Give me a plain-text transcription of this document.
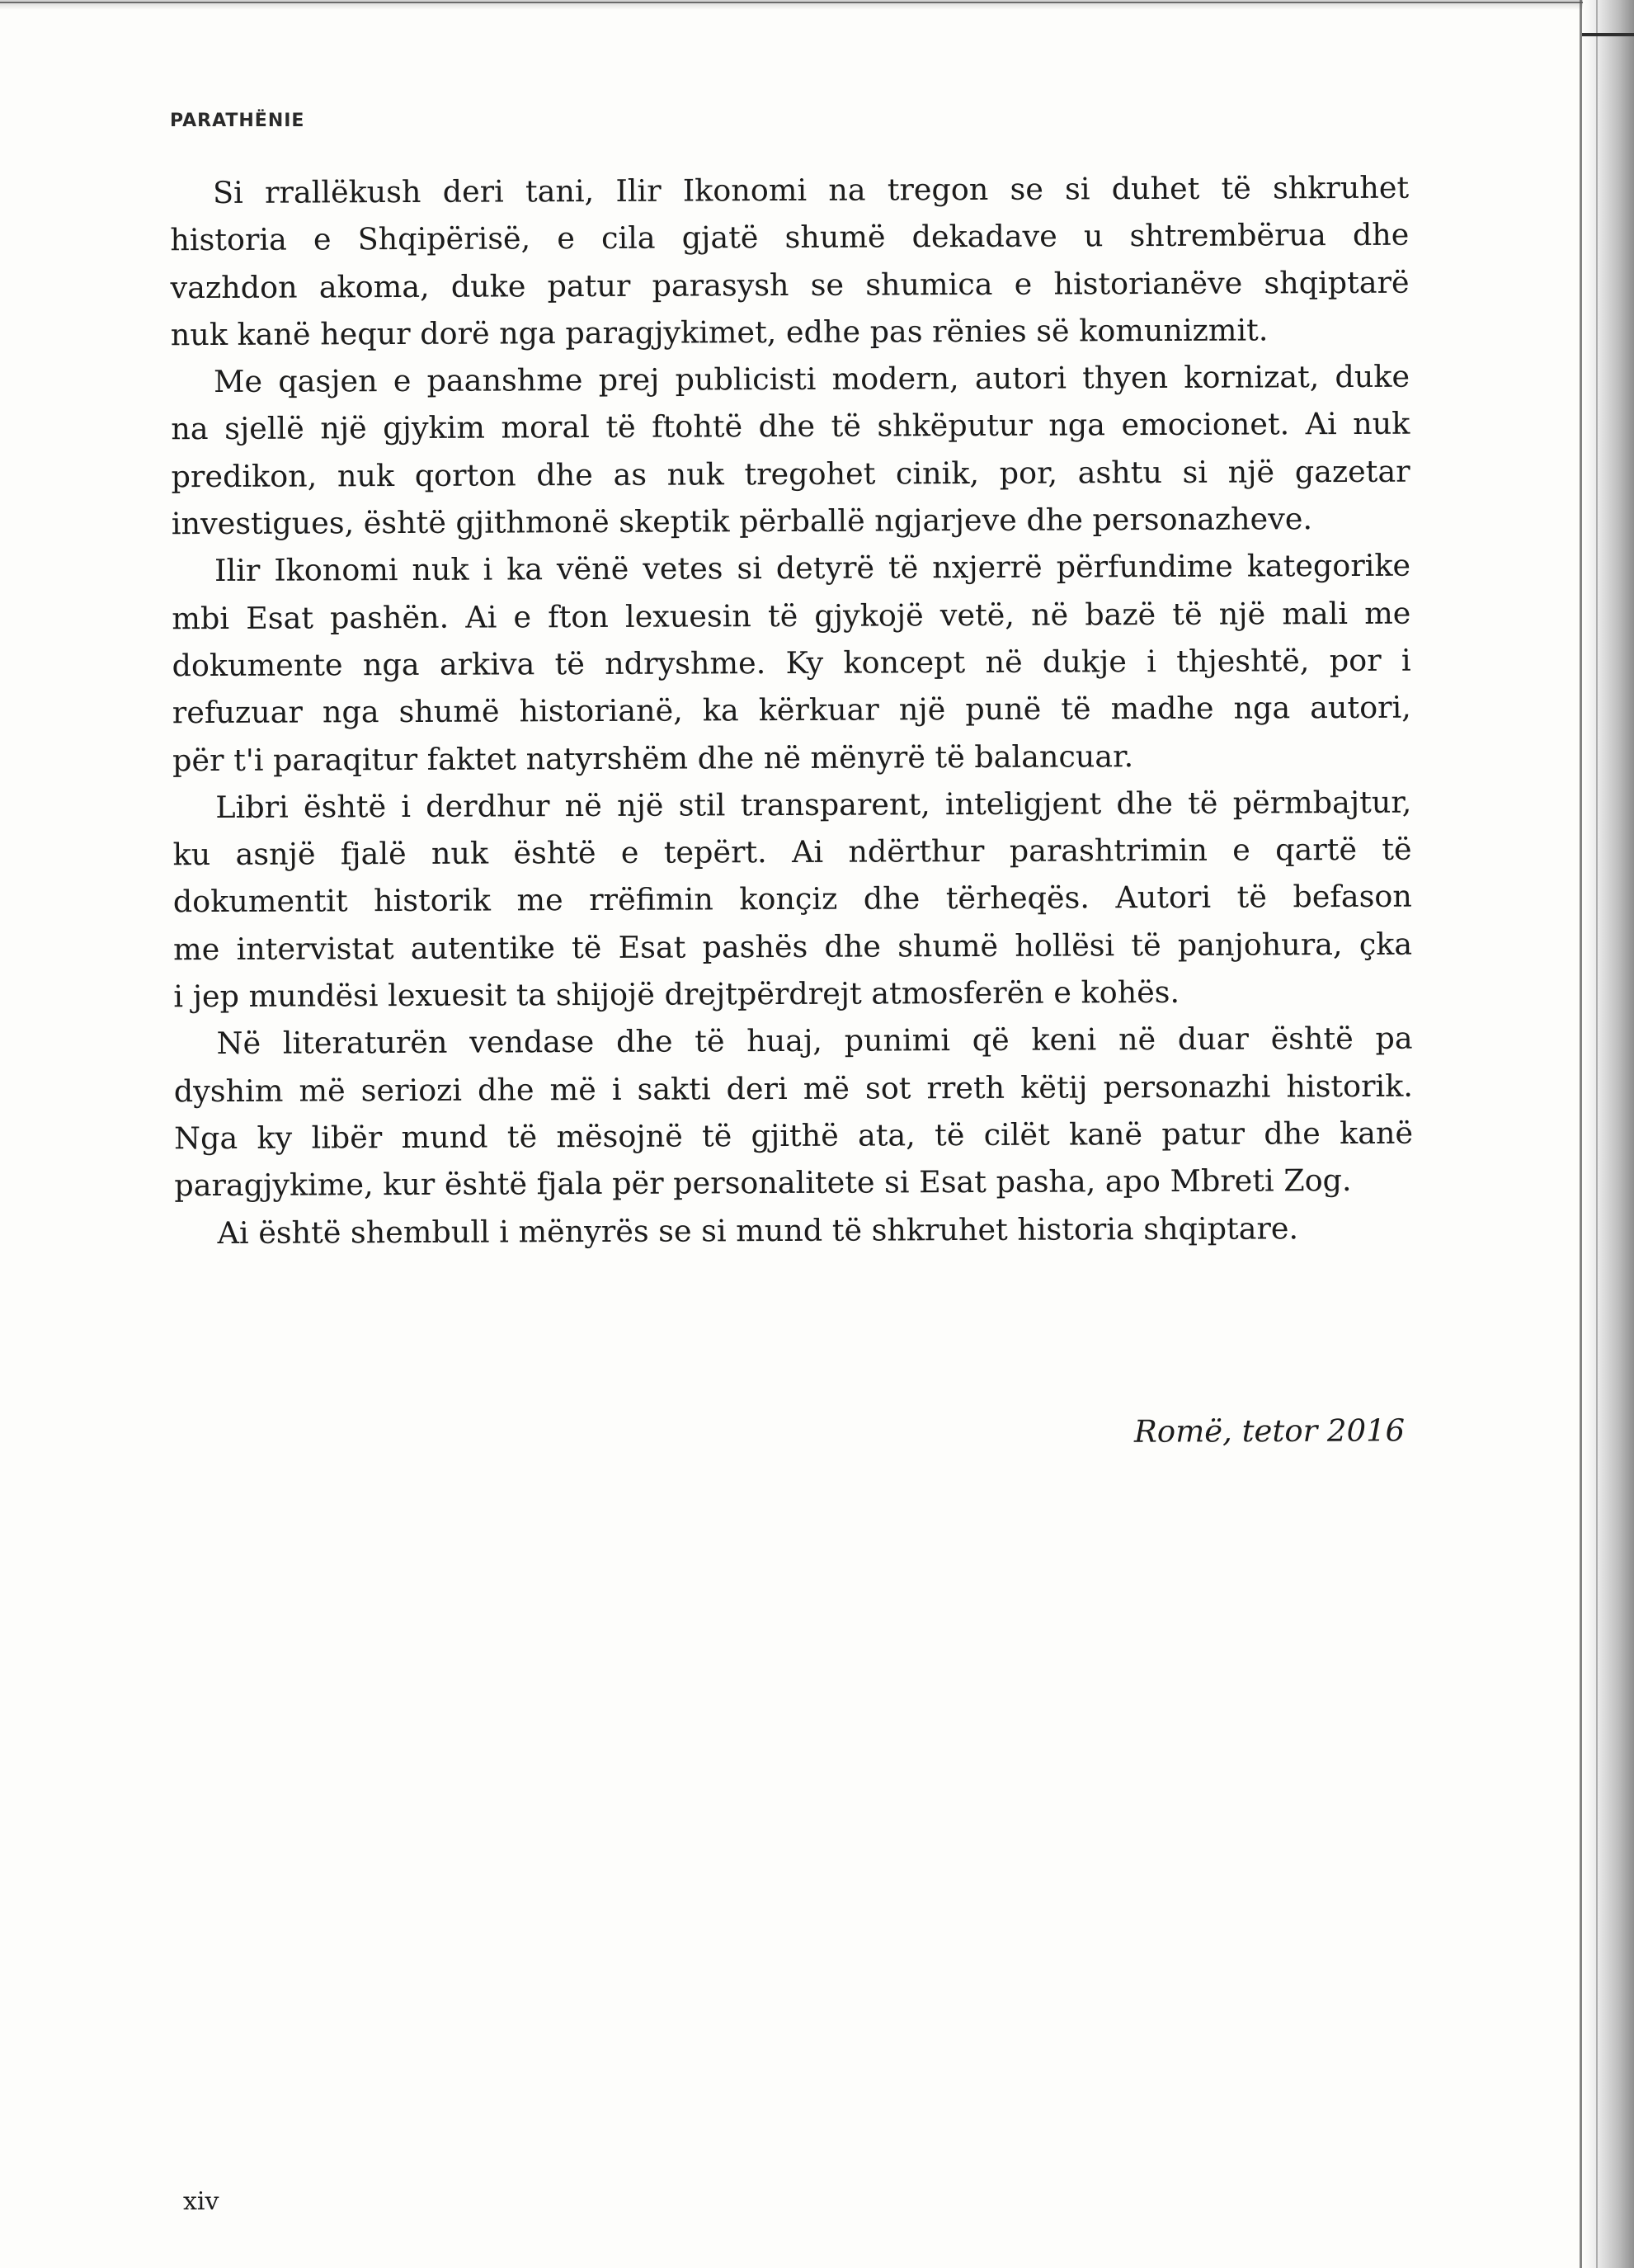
PARATHËNIE

Si rrallëkush deri tani, Ilir Ikonomi na tregon se si duhet të shkruhet
historia e Shqipërisë, e cila gjatë shumë dekadave u shtrembërua dhe
vazhdon akoma, duke patur parasysh se shumica e historianëve shqiptarë
nuk kanë hequr dorë nga paragjykimet, edhe pas rënies së komunizmit.

Me qasjen e paanshme prej publicisti modern, autori thyen kornizat, duke
na sjellë një gjykim moral të ftohtë dhe të shkëputur nga emocionet. Ai nuk
predikon, nuk qorton dhe as nuk tregohet cinik, por, ashtu si një gazetar
investigues, është gjithmonë skeptik përballë ngjarjeve dhe personazheve.

Ilir Ikonomi nuk i ka vënë vetes si detyrë të nxjerrë përfundime kategorike
mbi Esat pashën. Ai e fton lexuesin të gjykojë vetë, në bazë të një mali me
dokumente nga arkiva të ndryshme. Ky koncept në dukje i thjeshtë, por i
refuzuar nga shumë historianë, ka kërkuar një punë të madhe nga autori,
për t'i paraqitur faktet natyrshëm dhe në mënyrë të balancuar.

Libri është i derdhur në një stil transparent, inteligjent dhe të përmbajtur,
ku asnjë fjalë nuk është e tepërt. Ai ndërthur parashtrimin e qartë të
dokumentit historik me rrëfimin konçiz dhe tërheqës. Autori të befason
me intervistat autentike të Esat pashës dhe shumë hollësi të panjohura, çka
i jep mundësi lexuesit ta shijojë drejtpërdrejt atmosferën e kohës.

Në literaturën vendase dhe të huaj, punimi që keni në duar është pa
dyshim më seriozi dhe më i sakti deri më sot rreth këtij personazhi historik.
Nga ky libër mund të mësojnë të gjithë ata, të cilët kanë patur dhe kanë
paragjykime, kur është fjala për personalitete si Esat pasha, apo Mbreti Zog.

Ai është shembull i mënyrës se si mund të shkruhet historia shqiptare.

Romë, tetor 2016
xiv
